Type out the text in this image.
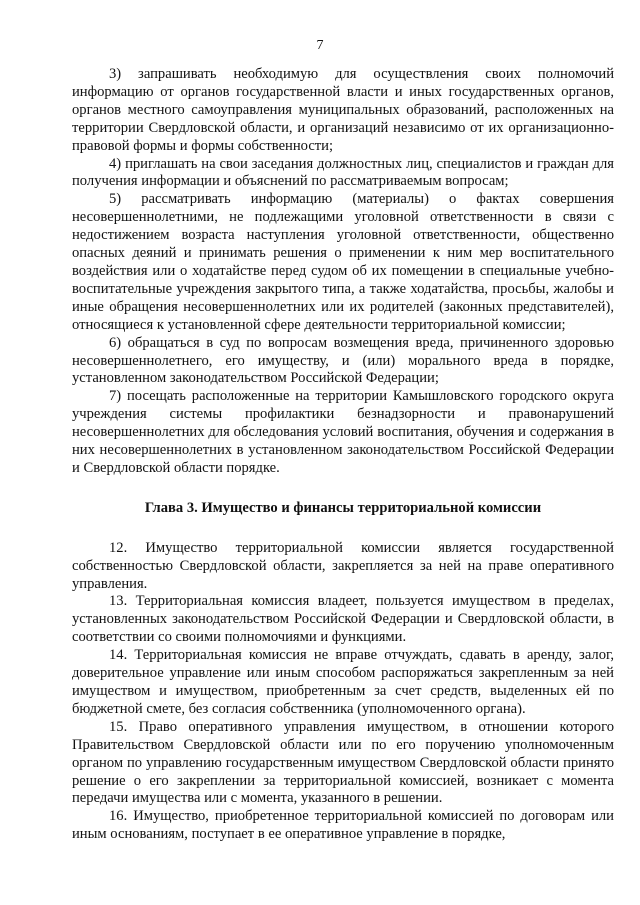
7

3) запрашивать необходимую для осуществления своих полномочий информацию от органов государственной власти и иных государственных органов, органов местного самоуправления муниципальных образований, расположенных на территории Свердловской области, и организаций независимо от их организационно-правовой формы и формы собственности;

4) приглашать на свои заседания должностных лиц, специалистов и граждан для получения информации и объяснений по рассматриваемым вопросам;

5) рассматривать информацию (материалы) о фактах совершения несовершеннолетними, не подлежащими уголовной ответственности в связи с недостижением возраста наступления уголовной ответственности, общественно опасных деяний и принимать решения о применении к ним мер воспитательного воздействия или о ходатайстве перед судом об их помещении в специальные учебно-воспитательные учреждения закрытого типа, а также ходатайства, просьбы, жалобы и иные обращения несовершеннолетних или их родителей (законных представителей), относящиеся к установленной сфере деятельности территориальной комиссии;

6) обращаться в суд по вопросам возмещения вреда, причиненного здоровью несовершеннолетнего, его имуществу, и (или) морального вреда в порядке, установленном законодательством Российской Федерации;

7) посещать расположенные на территории Камышловского городского округа учреждения системы профилактики безнадзорности и правонарушений несовершеннолетних для обследования условий воспитания, обучения и содержания в них несовершеннолетних в установленном законодательством Российской Федерации и Свердловской области порядке.

Глава 3. Имущество и финансы территориальной комиссии

12. Имущество территориальной комиссии является государственной собственностью Свердловской области, закрепляется за ней на праве оперативного управления.

13. Территориальная комиссия владеет, пользуется имуществом в пределах, установленных законодательством Российской Федерации и Свердловской области, в соответствии со своими полномочиями и функциями.

14. Территориальная комиссия не вправе отчуждать, сдавать в аренду, залог, доверительное управление или иным способом распоряжаться закрепленным за ней имуществом и имуществом, приобретенным за счет средств, выделенных ей по бюджетной смете, без согласия собственника (уполномоченного органа).

15. Право оперативного управления имуществом, в отношении которого Правительством Свердловской области или по его поручению уполномоченным органом по управлению государственным имуществом Свердловской области принято решение о его закреплении за территориальной комиссией, возникает с момента передачи имущества или с момента, указанного в решении.

16. Имущество, приобретенное территориальной комиссией по договорам или иным основаниям, поступает в ее оперативное управление в порядке,
